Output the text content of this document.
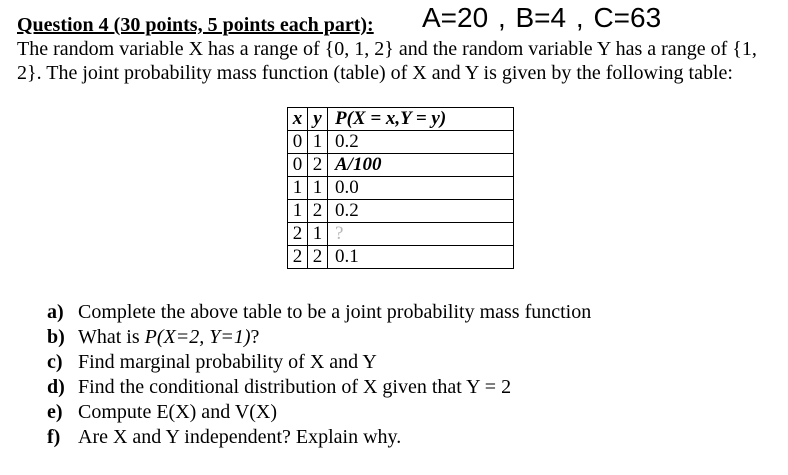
Question 4 (30 points, 5 points each part): A=20 , B=4 , C=63

The random variable X has a range of {0, 1, 2} and the random variable Y has a range of {1, 2}. The joint probability mass function (table) of X and Y is given by the following table:

x	y	P(X = x,Y = y)
0	1	0.2
0	2	A/100
1	1	0.0
1	2	0.2
2	1	?
2	2	0.1
a) Complete the above table to be a joint probability mass function
b) What is P(X=2, Y=1)?
c) Find marginal probability of X and Y
d) Find the conditional distribution of X given that Y = 2
e) Compute E(X) and V(X)
f) Are X and Y independent? Explain why.
